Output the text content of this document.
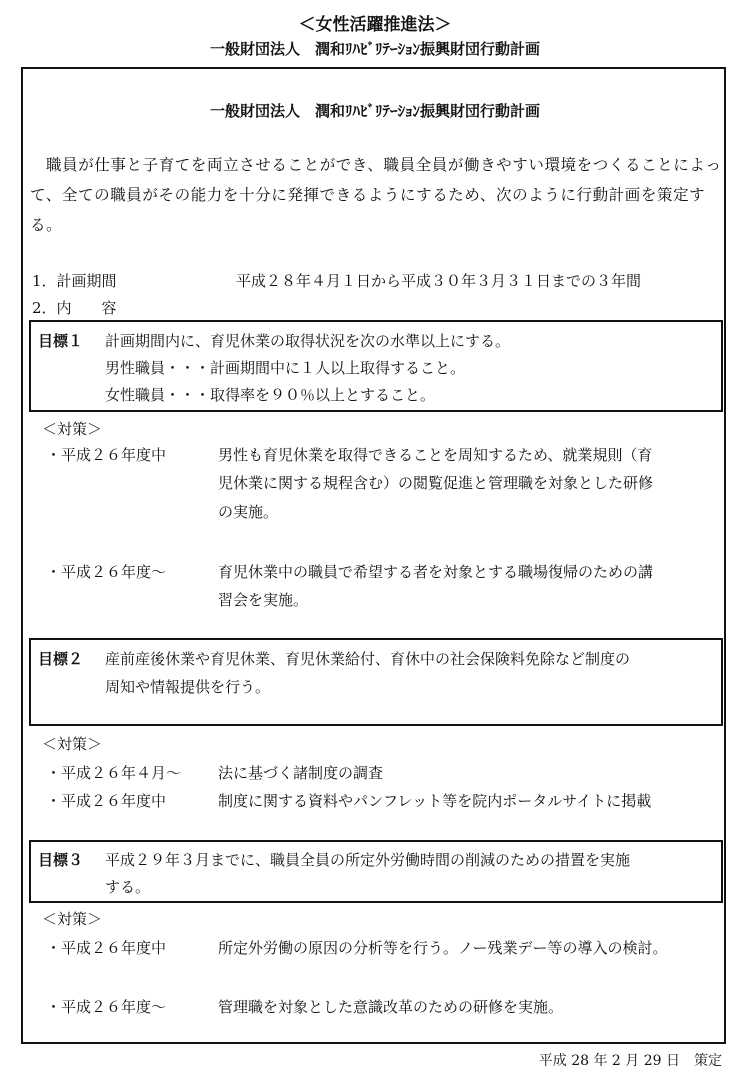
＜女性活躍推進法＞
一般財団法人　潤和ﾘﾊﾋﾞﾘﾃｰｼｮﾝ振興財団行動計画
一般財団法人　潤和ﾘﾊﾋﾞﾘﾃｰｼｮﾝ振興財団行動計画
職員が仕事と子育てを両立させることができ、職員全員が働きやすい環境をつくることによって、全ての職員がその能力を十分に発揮できるようにするため、次のように行動計画を策定する。
1．計画期間	平成２８年４月１日から平成３０年３月３１日までの３年間
2．内　　容
目標１ 計画期間内に、育児休業の取得状況を次の水準以上にする。
男性職員・・・計画期間中に１人以上取得すること。
女性職員・・・取得率を９０％以上とすること。
＜対策＞
・平成２６年度中	男性も育児休業を取得できることを周知するため、就業規則（育
児休業に関する規程含む）の閲覧促進と管理職を対象とした研修
の実施。
・平成２６年度～	育児休業中の職員で希望する者を対象とする職場復帰のための講
習会を実施。
目標２ 産前産後休業や育児休業、育児休業給付、育休中の社会保険料免除など制度の
周知や情報提供を行う。
＜対策＞
・平成２６年４月～ 法に基づく諸制度の調査
・平成２６年度中	制度に関する資料やパンフレット等を院内ポータルサイトに掲載
目標３ 平成２９年３月までに、職員全員の所定外労働時間の削減のための措置を実施
する。
＜対策＞
・平成２６年度中	所定外労働の原因の分析等を行う。ノー残業デー等の導入の検討。
・平成２６年度～	管理職を対象とした意識改革のための研修を実施。
平成 28 年 2 月 29 日　策定
